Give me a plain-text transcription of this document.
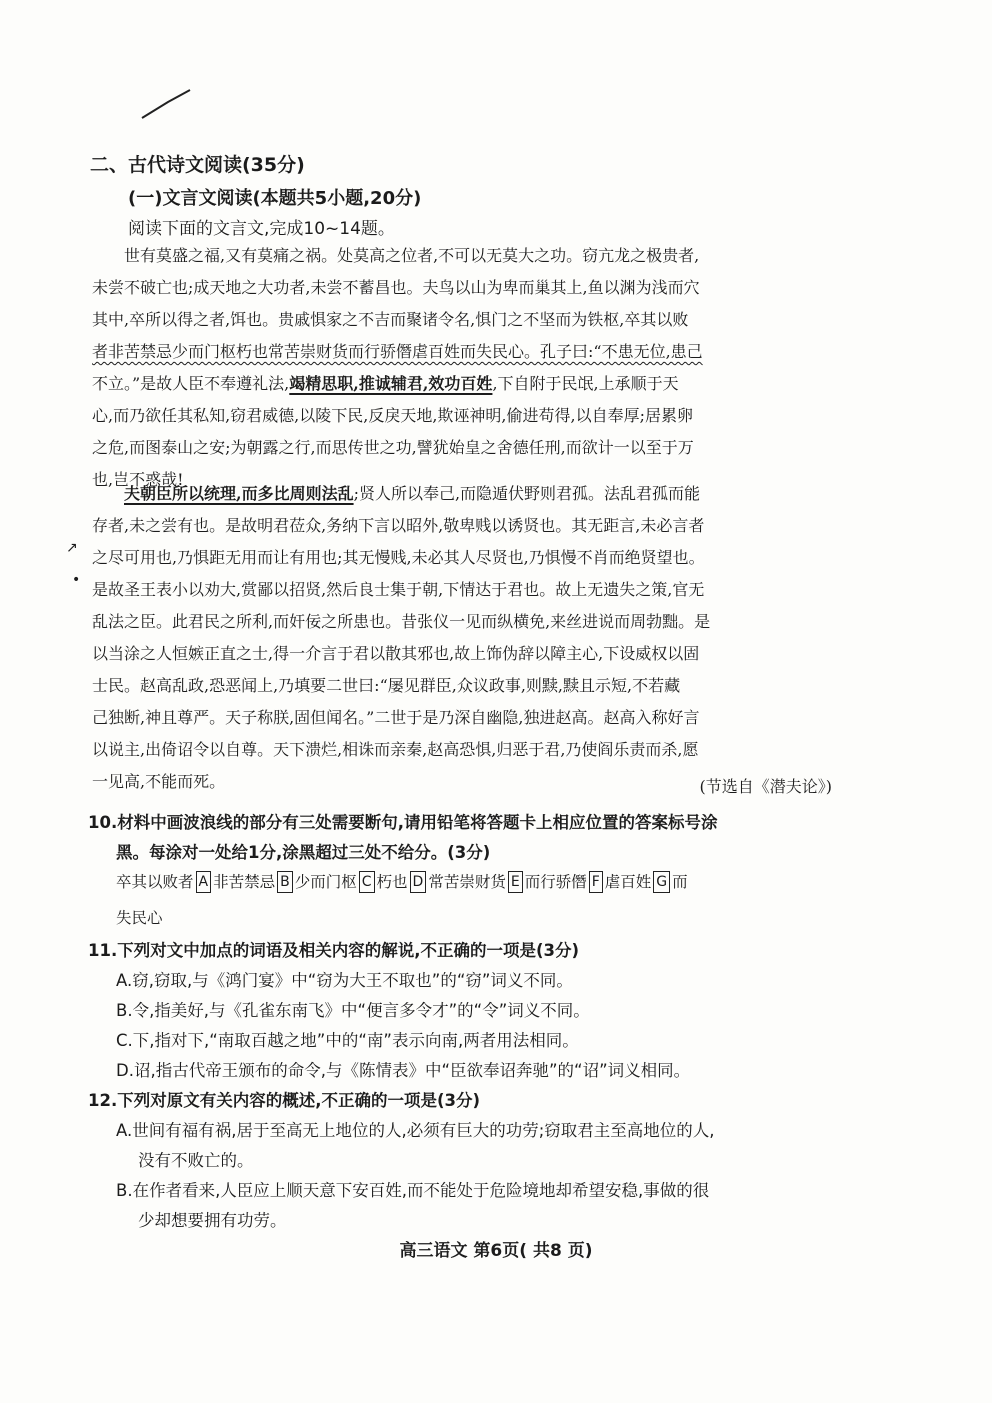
二、古代诗文阅读(35分)
(一)文言文阅读(本题共5小题,20分)
阅读下面的文言文,完成10~14题。

世有莫盛之福,又有莫痛之祸。处莫高之位者,不可以无莫大之功。窃亢龙之极贵者,
未尝不破亡也;成天地之大功者,未尝不蓄昌也。夫鸟以山为卑而巢其上,鱼以渊为浅而穴
其中,卒所以得之者,饵也。贵戚惧家之不吉而聚诸令名,惧门之不坚而为铁枢,卒其以败
者非苦禁忌少而门枢朽也常苦崇财货而行骄僭虐百姓而失民心。孔子曰:“不患无位,患己
不立。”是故人臣不奉遵礼法,竭精思职,推诚辅君,效功百姓,下自附于民氓,上承顺于天
心,而乃欲任其私知,窃君威德,以陵下民,反戾天地,欺诬神明,偷进苟得,以自奉厚;居累卵
之危,而图泰山之安;为朝露之行,而思传世之功,譬犹始皇之舍德任刑,而欲计一以至于万
也,岂不惑哉!

夫朝臣所以统理,而多比周则法乱;贤人所以奉己,而隐遁伏野则君孤。法乱君孤而能
存者,未之尝有也。是故明君莅众,务纳下言以昭外,敬卑贱以诱贤也。其无距言,未必言者
之尽可用也,乃惧距无用而让有用也;其无慢贱,未必其人尽贤也,乃惧慢不肖而绝贤望也。
是故圣王表小以劝大,赏鄙以招贤,然后良士集于朝,下情达于君也。故上无遗失之策,官无
乱法之臣。此君民之所利,而奸佞之所患也。昔张仪一见而纵横免,来丝进说而周勃黜。是
以当涂之人恒嫉正直之士,得一介言于君以散其邪也,故上饰伪辞以障主心,下设威权以固
士民。赵高乱政,恐恶闻上,乃填要二世曰:“屡见群臣,众议政事,则黩,黩且示短,不若藏
己独断,神且尊严。天子称朕,固但闻名。”二世于是乃深自幽隐,独进赵高。赵高入称好言
以说主,出倚诏令以自尊。天下溃烂,相诛而亲秦,赵高恐惧,归恶于君,乃使阎乐责而杀,愿
一见高,不能而死。

↗
•
(节选自《潜夫论》)
10.材料中画波浪线的部分有三处需要断句,请用铅笔将答题卡上相应位置的答案标号涂
黑。每涂对一处给1分,涂黑超过三处不给分。(3分)
卒其以败者 A 非苦禁忌 B 少而门枢 C 朽也 D 常苦崇财货 E 而行骄僭 F 虐百姓 G 而
失民心
11.下列对文中加点的词语及相关内容的解说,不正确的一项是(3分)
A.窃,窃取,与《鸿门宴》中“窃为大王不取也”的“窃”词义不同。
B.令,指美好,与《孔雀东南飞》中“便言多令才”的“令”词义不同。
C.下,指对下,“南取百越之地”中的“南”表示向南,两者用法相同。
D.诏,指古代帝王颁布的命令,与《陈情表》中“臣欲奉诏奔驰”的“诏”词义相同。
12.下列对原文有关内容的概述,不正确的一项是(3分)
A.世间有福有祸,居于至高无上地位的人,必须有巨大的功劳;窃取君主至高地位的人,
没有不败亡的。
B.在作者看来,人臣应上顺天意下安百姓,而不能处于危险境地却希望安稳,事做的很
少却想要拥有功劳。
高三语文 第6页( 共8 页)
